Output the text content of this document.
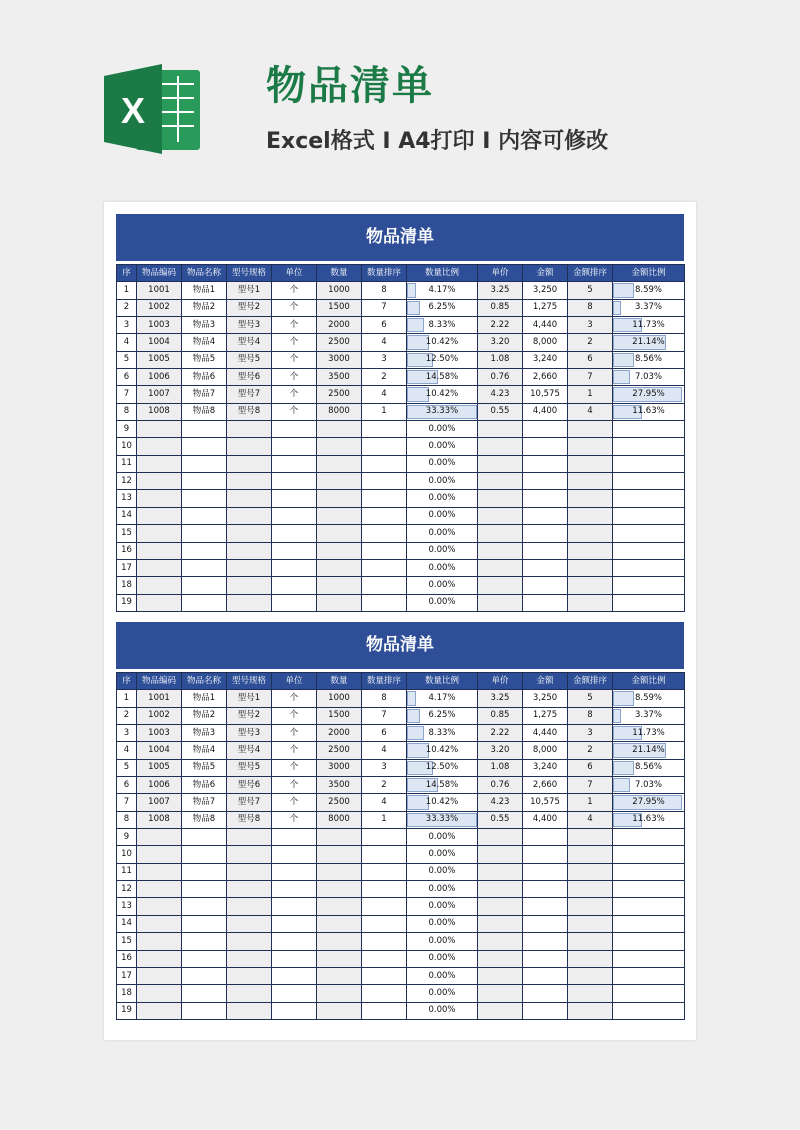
X
物品清单
Excel格式 I A4打印 I 内容可修改
物品清单
序	物品编码	物品名称	型号规格	单位	数量	数量排序	数量比例	单价	金额	金额排序	金额比例
1	1001	物品1	型号1	个	1000	8	4.17%	3.25	3,250	5	8.59%
2	1002	物品2	型号2	个	1500	7	6.25%	0.85	1,275	8	3.37%
3	1003	物品3	型号3	个	2000	6	8.33%	2.22	4,440	3	11.73%
4	1004	物品4	型号4	个	2500	4	10.42%	3.20	8,000	2	21.14%
5	1005	物品5	型号5	个	3000	3	12.50%	1.08	3,240	6	8.56%
6	1006	物品6	型号6	个	3500	2	14.58%	0.76	2,660	7	7.03%
7	1007	物品7	型号7	个	2500	4	10.42%	4.23	10,575	1	27.95%
8	1008	物品8	型号8	个	8000	1	33.33%	0.55	4,400	4	11.63%
9							0.00%				
10							0.00%				
11							0.00%				
12							0.00%				
13							0.00%				
14							0.00%				
15							0.00%				
16							0.00%				
17							0.00%				
18							0.00%				
19							0.00%				
物品清单
序	物品编码	物品名称	型号规格	单位	数量	数量排序	数量比例	单价	金额	金额排序	金额比例
1	1001	物品1	型号1	个	1000	8	4.17%	3.25	3,250	5	8.59%
2	1002	物品2	型号2	个	1500	7	6.25%	0.85	1,275	8	3.37%
3	1003	物品3	型号3	个	2000	6	8.33%	2.22	4,440	3	11.73%
4	1004	物品4	型号4	个	2500	4	10.42%	3.20	8,000	2	21.14%
5	1005	物品5	型号5	个	3000	3	12.50%	1.08	3,240	6	8.56%
6	1006	物品6	型号6	个	3500	2	14.58%	0.76	2,660	7	7.03%
7	1007	物品7	型号7	个	2500	4	10.42%	4.23	10,575	1	27.95%
8	1008	物品8	型号8	个	8000	1	33.33%	0.55	4,400	4	11.63%
9							0.00%				
10							0.00%				
11							0.00%				
12							0.00%				
13							0.00%				
14							0.00%				
15							0.00%				
16							0.00%				
17							0.00%				
18							0.00%				
19							0.00%				
